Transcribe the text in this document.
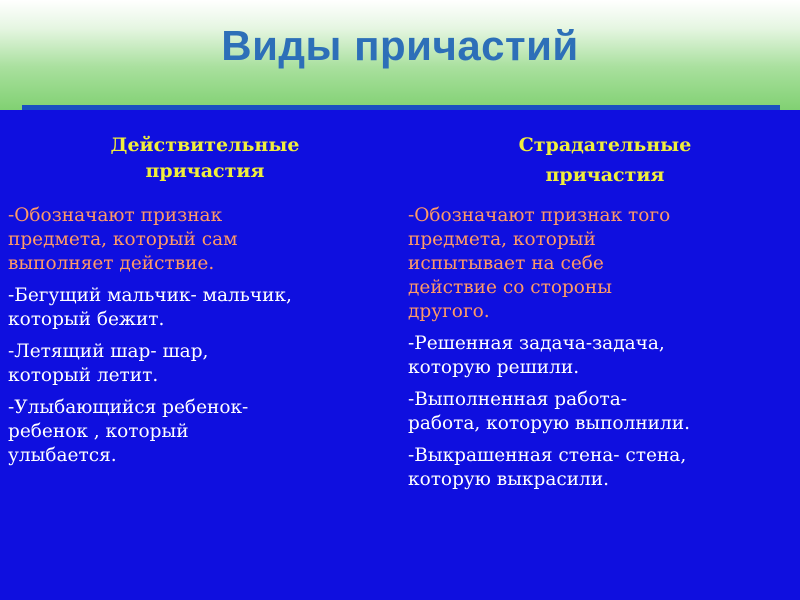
Виды причастий
Действительные
причастия
Страдательные
причастия
-Обозначают признак
предмета, который сам
выполняет действие.
-Бегущий мальчик- мальчик,
который бежит.
-Летящий шар- шар,
который летит.
-Улыбающийся ребенок-
ребенок , который
улыбается.
-Обозначают признак того
предмета, который
испытывает на себе
действие со стороны
другого.
-Решенная задача-задача,
которую решили.
-Выполненная работа-
работа, которую выполнили.
-Выкрашенная стена- стена,
которую выкрасили.
